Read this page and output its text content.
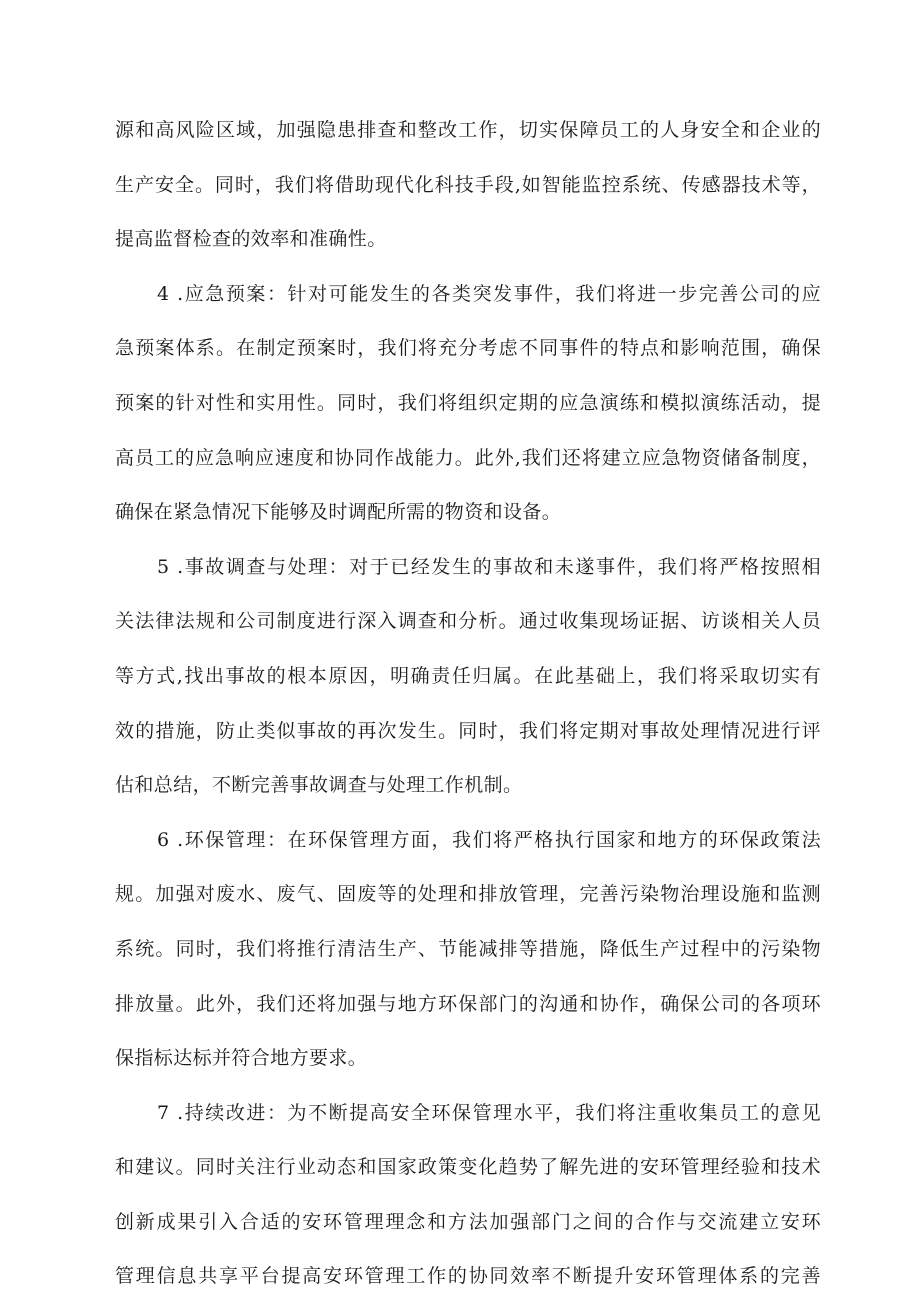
源和高风险区域，加强隐患排查和整改工作，切实保障员工的人身安全和企业的
生产安全。同时，我们将借助现代化科技手段,如智能监控系统、传感器技术等，
提高监督检查的效率和准确性。
4 .应急预案：针对可能发生的各类突发事件，我们将进一步完善公司的应
急预案体系。在制定预案时，我们将充分考虑不同事件的特点和影响范围，确保
预案的针对性和实用性。同时，我们将组织定期的应急演练和模拟演练活动，提
高员工的应急响应速度和协同作战能力。此外,我们还将建立应急物资储备制度，
确保在紧急情况下能够及时调配所需的物资和设备。
5 .事故调查与处理：对于已经发生的事故和未遂事件，我们将严格按照相
关法律法规和公司制度进行深入调查和分析。通过收集现场证据、访谈相关人员
等方式,找出事故的根本原因，明确责任归属。在此基础上，我们将采取切实有
效的措施，防止类似事故的再次发生。同时，我们将定期对事故处理情况进行评
估和总结，不断完善事故调查与处理工作机制。
6 .环保管理：在环保管理方面，我们将严格执行国家和地方的环保政策法
规。加强对废水、废气、固废等的处理和排放管理，完善污染物治理设施和监测
系统。同时，我们将推行清洁生产、节能减排等措施，降低生产过程中的污染物
排放量。此外，我们还将加强与地方环保部门的沟通和协作，确保公司的各项环
保指标达标并符合地方要求。
7 .持续改进：为不断提高安全环保管理水平，我们将注重收集员工的意见
和建议。同时关注行业动态和国家政策变化趋势了解先进的安环管理经验和技术
创新成果引入合适的安环管理理念和方法加强部门之间的合作与交流建立安环
管理信息共享平台提高安环管理工作的协同效率不断提升安环管理体系的完善
